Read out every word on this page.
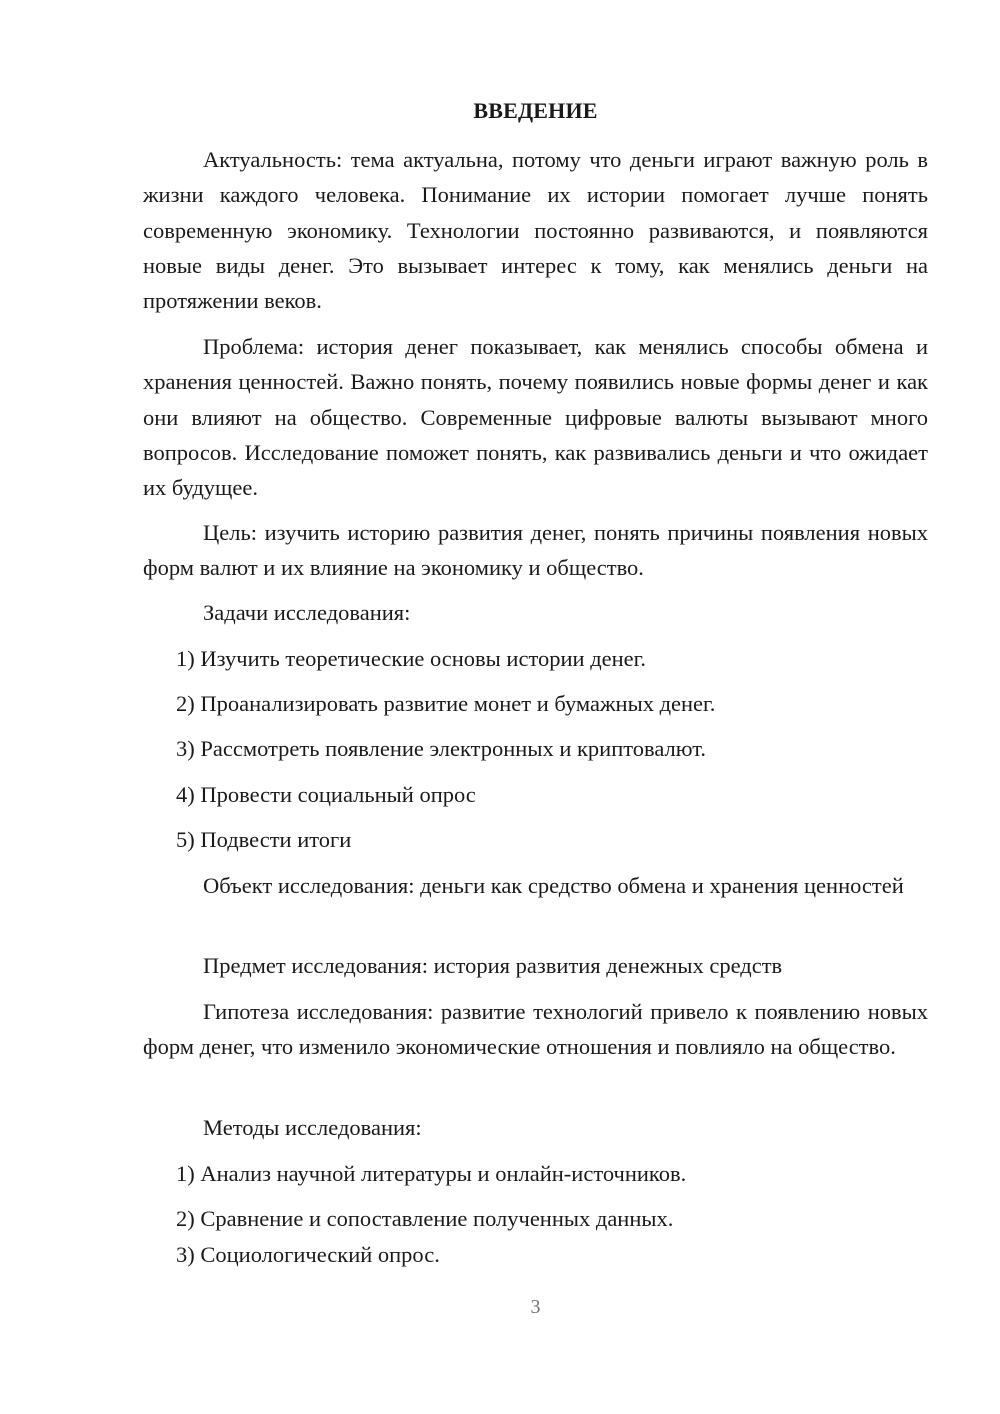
ВВЕДЕНИЕ

Актуальность: тема актуальна, потому что деньги играют важную роль в жизни каждого человека. Понимание их истории помогает лучше понять современную экономику. Технологии постоянно развиваются, и появляются новые виды денег. Это вызывает интерес к тому, как менялись деньги на протяжении веков.

Проблема: история денег показывает, как менялись способы обмена и хранения ценностей. Важно понять, почему появились новые формы денег и как они влияют на общество. Современные цифровые валюты вызывают много вопросов. Исследование поможет понять, как развивались деньги и что ожидает их будущее.

Цель: изучить историю развития денег, понять причины появления новых форм валют и их влияние на экономику и общество.

Задачи исследования:
1) Изучить теоретические основы истории денег.
2) Проанализировать развитие монет и бумажных денег.
3) Рассмотреть появление электронных и криптовалют.
4) Провести социальный опрос
5) Подвести итоги

Объект исследования: деньги как средство обмена и хранения ценностей

Предмет исследования: история развития денежных средств

Гипотеза исследования: развитие технологий привело к появлению новых форм денег, что изменило экономические отношения и повлияло на общество.

Методы исследования:
1) Анализ научной литературы и онлайн-источников.
2) Сравнение и сопоставление полученных данных.
3) Социологический опрос.
3
